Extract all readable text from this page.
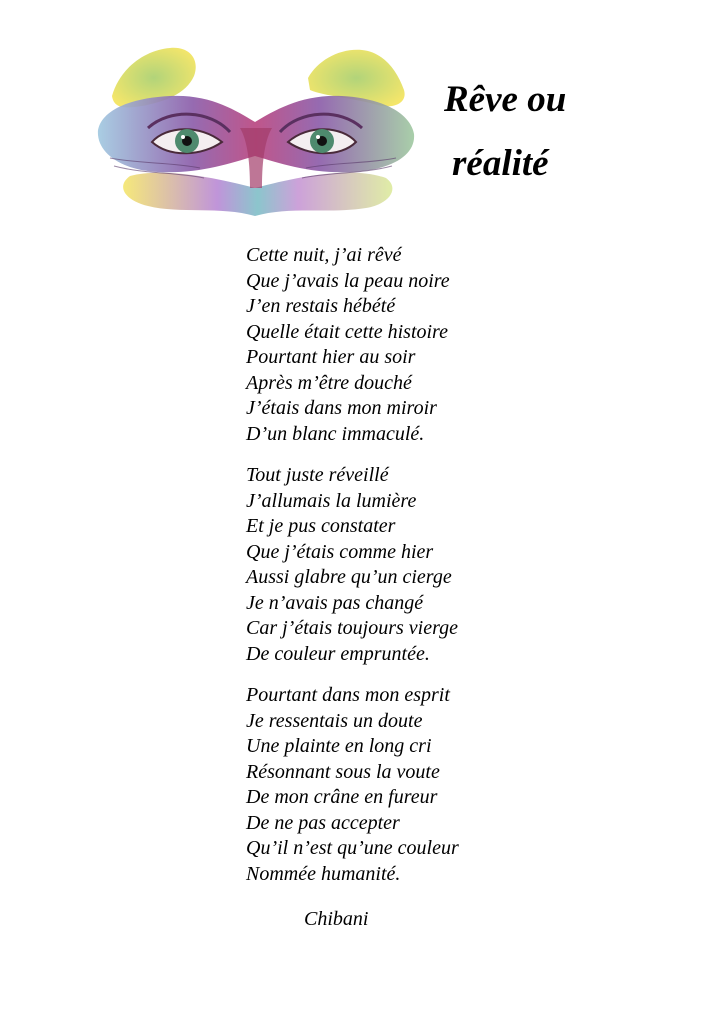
Rêve ou
réalité
Cette nuit, j’ai rêvé
Que j’avais la peau noire
J’en restais hébété
Quelle était cette histoire
Pourtant hier au soir
Après m’être douché
J’étais dans mon miroir
D’un blanc immaculé.
Tout juste réveillé
J’allumais la lumière
Et je pus constater
Que j’étais comme hier
Aussi glabre qu’un cierge
Je n’avais pas changé
Car j’étais toujours vierge
De couleur empruntée.
Pourtant dans mon esprit
Je ressentais un doute
Une plainte en long cri
Résonnant sous la voute
De mon crâne en fureur
De ne pas accepter
Qu’il n’est qu’une couleur
Nommée humanité.
Chibani
